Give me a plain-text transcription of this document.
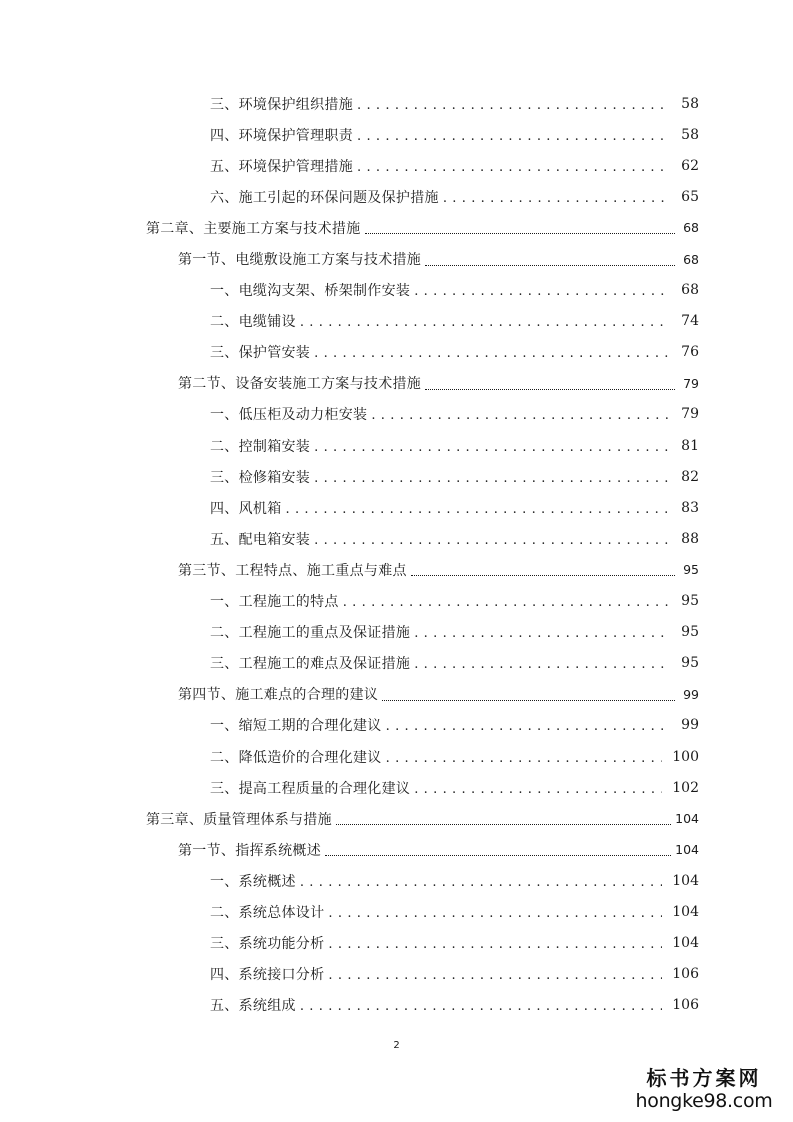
三、环境保护组织措施 . . .	58
四、环境保护管理职责 . . .	58
五、环境保护管理措施 . . .	62
六、施工引起的环保问题及保护措施 . . .	65
第二章、主要施工方案与技术措施	68
第一节、电缆敷设施工方案与技术措施	68
一、电缆沟支架、桥架制作安装 . . .	68
二、电缆铺设 . . .	74
三、保护管安装 . . .	76
第二节、设备安装施工方案与技术措施	79
一、低压柜及动力柜安装 . . .	79
二、控制箱安装 . . .	81
三、检修箱安装 . . .	82
四、风机箱 . . .	83
五、配电箱安装 . . .	88
第三节、工程特点、施工重点与难点	95
一、工程施工的特点 . . .	95
二、工程施工的重点及保证措施 . . .	95
三、工程施工的难点及保证措施 . . .	95
第四节、施工难点的合理的建议	99
一、缩短工期的合理化建议 . . .	99
二、降低造价的合理化建议 . . .	100
三、提高工程质量的合理化建议 . . .	102
第三章、质量管理体系与措施	104
第一节、指挥系统概述	104
一、系统概述 . . .	104
二、系统总体设计 . . .	104
三、系统功能分析 . . .	104
四、系统接口分析 . . .	106
五、系统组成 . . .	106
2
标书方案网
hongke98.com
